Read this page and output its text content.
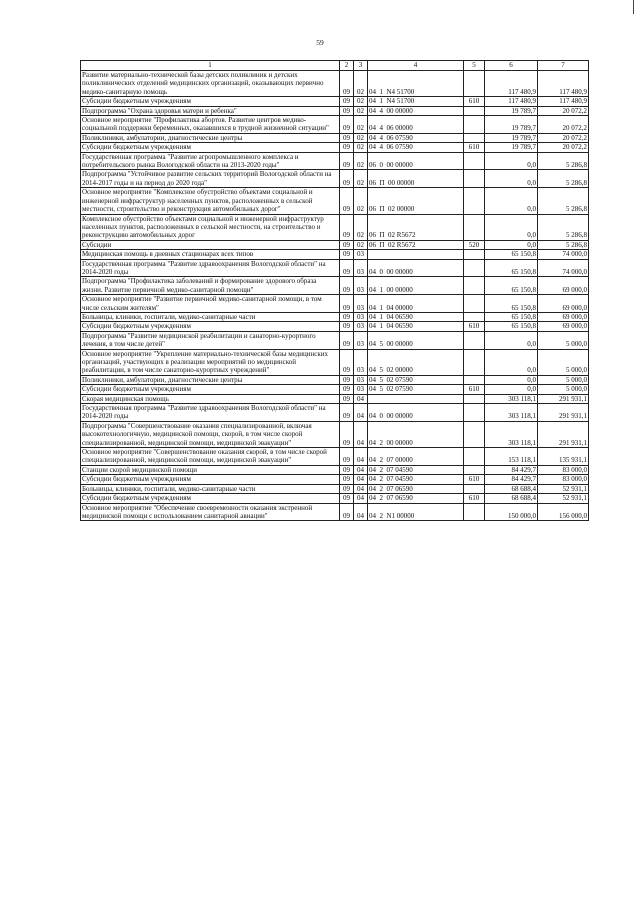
59
1	2	3	4	5	6	7
Развитие материально-технической базы детских поликлиник и детских поликлинических отделений медицинских организаций, оказывающих первично медико-санитарную помощь	09	02	04  1  N4 51700		117 480,9	117 480,9
Субсидии бюджетным учреждениям	09	02	04  1  N4 51700	610	117 480,9	117 480,9
Подпрограмма "Охрана здоровья матери и ребенка"	09	02	04  4  00 00000		19 789,7	20 072,2
Основное мероприятие "Профилактика абортов. Развитие центров медико-социальной поддержки беременных, оказавшихся в трудной жизненной ситуации"	09	02	04  4  06 00000		19 789,7	20 072,2
Поликлиники, амбулатории, диагностические центры	09	02	04  4  06 07590		19 789,7	20 072,2
Субсидии бюджетным учреждениям	09	02	04  4  06 07590	610	19 789,7	20 072,2
Государственная программа "Развитие агропромышленного комплекса и потребительского рынка Вологодской области на 2013-2020 годы"	09	02	06  0  00 00000		0,0	5 286,8
Подпрограмма "Устойчивое развитие сельских территорий Вологодской области на 2014-2017 годы и на период до 2020 года"	09	02	06  П  00 00000		0,0	5 286,8
Основное мероприятие "Комплексное обустройство объектами социальной и инженерной инфраструктур населенных пунктов, расположенных в сельской местности, строительство и реконструкция автомобильных дорог"	09	02	06  П  02 00000		0,0	5 286,8
Комплексное обустройство объектами социальной и инженерной инфраструктур населенных пунктов, расположенных в сельской местности, на строительство и реконструкцию автомобильных дорог	09	02	06  П  02 R5672		0,0	5 286,8
Субсидии	09	02	06  П  02 R5672	520	0,0	5 286,8
Медицинская помощь в дневных стационарах всех типов	09	03			65 150,8	74 000,0
Государственная программа "Развитие здравоохранения Вологодской области" на 2014-2020 годы	09	03	04  0  00 00000		65 150,8	74 000,0
Подпрограмма "Профилактика заболеваний и формирование здорового образа жизни. Развитие первичной медико-санитарной помощи"	09	03	04  1  00 00000		65 150,8	69 000,0
Основное мероприятие "Развитие первичной медико-санитарной помощи, в том числе сельским жителям"	09	03	04  1  04 00000		65 150,8	69 000,0
Больницы, клиники, госпитали, медико-санитарные части	09	03	04  1  04 06590		65 150,8	69 000,0
Субсидии бюджетным учреждениям	09	03	04  1  04 06590	610	65 150,8	69 000,0
Подпрограмма "Развитие медицинской реабилитации и санаторно-курортного лечения, в том числе детей"	09	03	04  5  00 00000		0,0	5 000,0
Основное мероприятие "Укрепление материально-технической базы медицинских организаций, участвующих в реализации мероприятий по медицинской реабилитации, в том числе санаторно-курортных учреждений"	09	03	04  5  02 00000		0,0	5 000,0
Поликлиники, амбулатории, диагностические центры	09	03	04  5  02 07590		0,0	5 000,0
Субсидии бюджетным учреждениям	09	03	04  5  02 07590	610	0,0	5 000,0
Скорая медицинская помощь	09	04			303 118,1	291 931,1
Государственная программа "Развитие здравоохранения Вологодской области" на 2014-2020 годы	09	04	04  0  00 00000		303 118,1	291 931,1
Подпрограмма "Совершенствование оказания специализированной, включая высокотехнологичную, медицинской помощи, скорой, в том числе скорой специализированной, медицинской помощи, медицинской эвакуации"	09	04	04  2  00 00000		303 118,1	291 931,1
Основное мероприятие "Совершенствование оказания скорой, в том числе скорой специализированной, медицинской помощи, медицинской эвакуации"	09	04	04  2  07 00000		153 118,1	135 931,1
Станции скорой медицинской помощи	09	04	04  2  07 04590		84 429,7	83 000,0
Субсидии бюджетным учреждениям	09	04	04  2  07 04590	610	84 429,7	83 000,0
Больницы, клиники, госпитали, медико-санитарные части	09	04	04  2  07 06590		68 688,4	52 931,1
Субсидии бюджетным учреждениям	09	04	04  2  07 06590	610	68 688,4	52 931,1
Основное мероприятие "Обеспечение своевременности оказания экстренной медицинской помощи с использованием санитарной авиации"	09	04	04  2  N1 00000		150 000,0	156 000,0
